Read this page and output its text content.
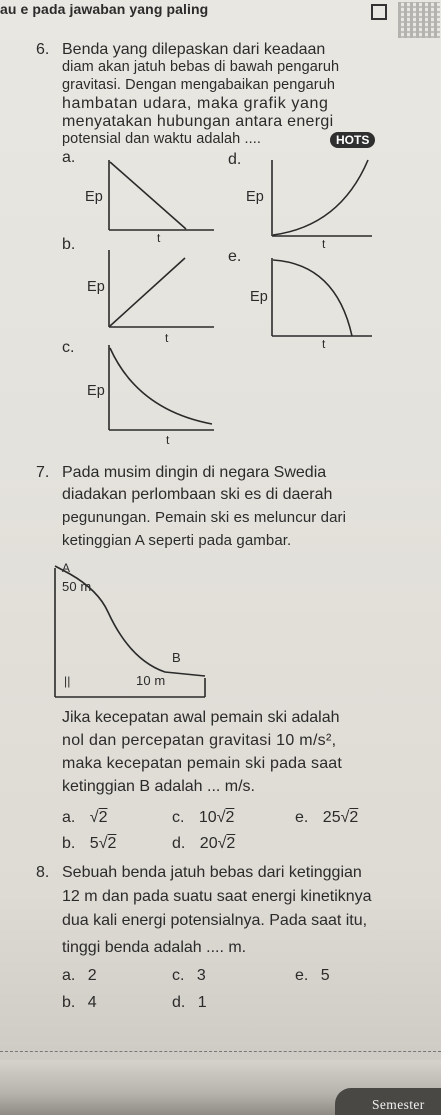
au e pada jawaban yang paling
6. Benda yang dilepaskan dari keadaan
diam akan jatuh bebas di bawah pengaruh
gravitasi. Dengan mengabaikan pengaruh
hambatan udara, maka grafik yang
menyatakan hubungan antara energi
potensial dan waktu adalah ....	HOTS
a.
Ep
t
d.
Ep
t
b.
Ep
t
e.
Ep
t
c.
Ep
t
7. Pada musim dingin di negara Swedia
diadakan perlombaan ski es di daerah
pegunungan. Pemain ski es meluncur dari
ketinggian A seperti pada gambar.
A
50 m
B
||	10 m
Jika kecepatan awal pemain ski adalah
nol dan percepatan gravitasi 10 m/s²,
maka kecepatan pemain ski pada saat
ketinggian B adalah ... m/s.
a. √2	c. 10√2	e. 25√2
b. 5√2	d. 20√2
8. Sebuah benda jatuh bebas dari ketinggian
12 m dan pada suatu saat energi kinetiknya
dua kali energi potensialnya. Pada saat itu,
tinggi benda adalah .... m.
a. 2	c. 3	e. 5
b. 4	d. 1
Semester
